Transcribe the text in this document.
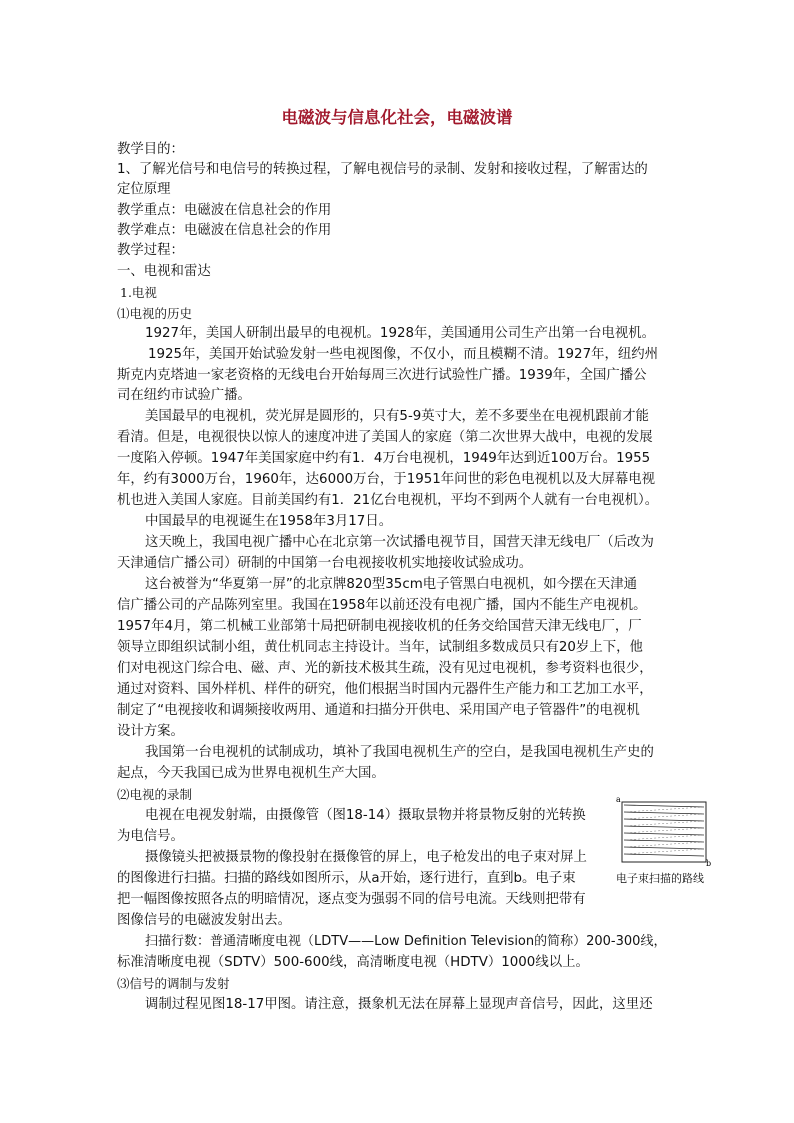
电磁波与信息化社会，电磁波谱

教学目的：

1、了解光信号和电信号的转换过程，了解电视信号的录制、发射和接收过程，了解雷达的

定位原理

教学重点：电磁波在信息社会的作用

教学难点：电磁波在信息社会的作用

教学过程：

一、电视和雷达

1.电视

⑴电视的历史

1927年，美国人研制出最早的电视机。1928年，美国通用公司生产出第一台电视机。

1925年，美国开始试验发射一些电视图像，不仅小，而且模糊不清。1927年，纽约州

斯克内克塔迪一家老资格的无线电台开始每周三次进行试验性广播。1939年，全国广播公

司在纽约市试验广播。

美国最早的电视机，荧光屏是圆形的，只有5-9英寸大，差不多要坐在电视机跟前才能

看清。但是，电视很快以惊人的速度冲进了美国人的家庭（第二次世界大战中，电视的发展

一度陷入停顿。1947年美国家庭中约有1．4万台电视机，1949年达到近100万台。1955

年，约有3000万台，1960年，达6000万台，于1951年问世的彩色电视机以及大屏幕电视

机也进入美国人家庭。目前美国约有1．21亿台电视机，平均不到两个人就有一台电视机）。

中国最早的电视诞生在1958年3月17日。

这天晚上，我国电视广播中心在北京第一次试播电视节目，国营天津无线电厂（后改为

天津通信广播公司）研制的中国第一台电视接收机实地接收试验成功。

这台被誉为“华夏第一屏”的北京牌820型35cm电子管黑白电视机，如今摆在天津通

信广播公司的产品陈列室里。我国在1958年以前还没有电视广播，国内不能生产电视机。

1957年4月，第二机械工业部第十局把研制电视接收机的任务交给国营天津无线电厂，厂

领导立即组织试制小组，黄仕机同志主持设计。当年，试制组多数成员只有20岁上下，他

们对电视这门综合电、磁、声、光的新技术极其生疏，没有见过电视机，参考资料也很少，

通过对资料、国外样机、样件的研究，他们根据当时国内元器件生产能力和工艺加工水平，

制定了“电视接收和调频接收两用、通道和扫描分开供电、采用国产电子管器件”的电视机

设计方案。

我国第一台电视机的试制成功，填补了我国电视机生产的空白，是我国电视机生产史的

起点，今天我国已成为世界电视机生产大国。

⑵电视的录制

电视在电视发射端，由摄像管（图18-14）摄取景物并将景物反射的光转换

为电信号。

摄像镜头把被摄景物的像投射在摄像管的屏上，电子枪发出的电子束对屏上

的图像进行扫描。扫描的路线如图所示，从a开始，逐行进行，直到b。电子束

把一幅图像按照各点的明暗情况，逐点变为强弱不同的信号电流。天线则把带有

图像信号的电磁波发射出去。

扫描行数：普通清晰度电视（LDTV——Low Definition Television的简称）200-300线，

标准清晰度电视（SDTV）500-600线，高清晰度电视（HDTV）1000线以上。

⑶信号的调制与发射

调制过程见图18-17甲图。请注意，摄象机无法在屏幕上显现声音信号，因此，这里还

a
b

电子束扫描的路线
